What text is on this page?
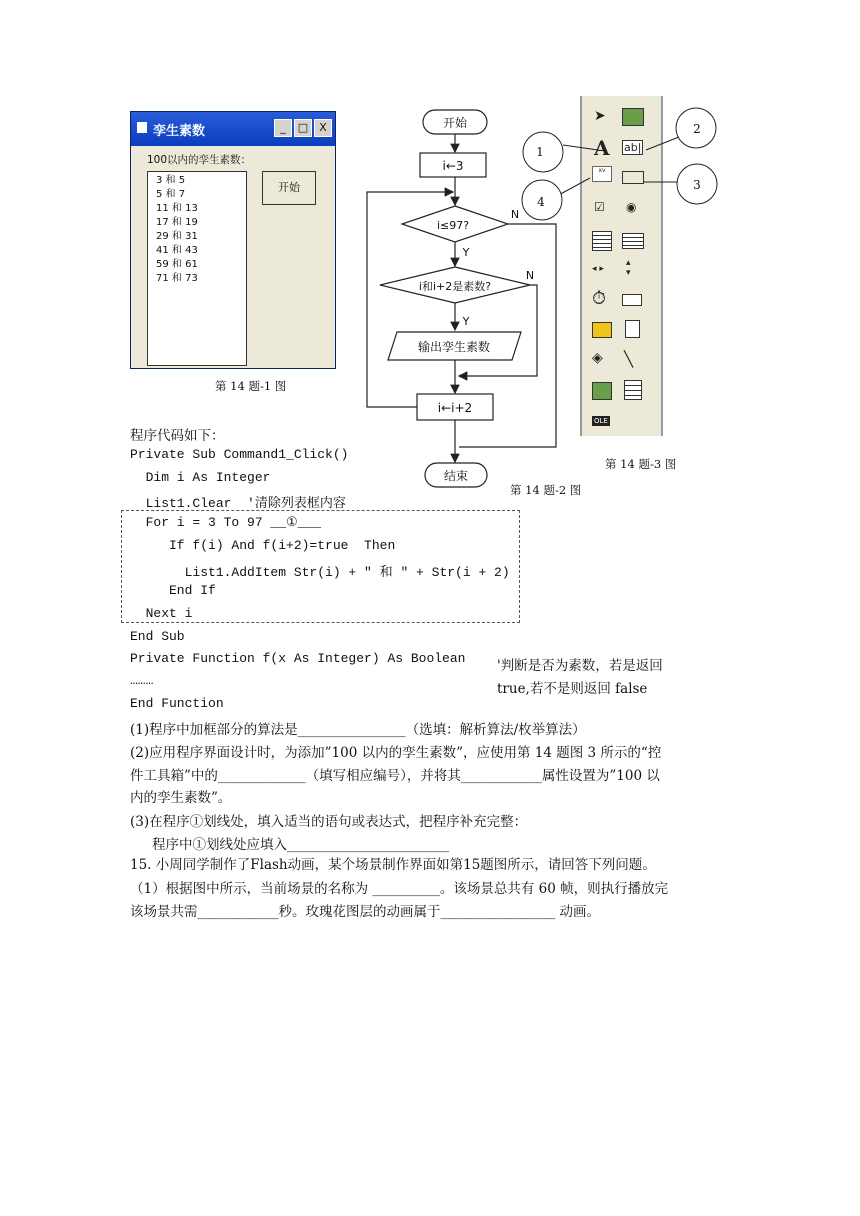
孪生素数	_	□	X
100以内的孪生素数：
3 和 5
5 和 7
11 和 13
17 和 19
29 和 31
41 和 43
59 和 61
71 和 73
开始
第 14 题-1 图
开始
i←3
i≤97?
i和i+2是素数?
输出孪生素数
i←i+2
结束
Y
Y
N
N
第 14 题-2 图
➤
A ab|
xv
☑ ◉
◂ ▸
▴
▾
⏱
◈ ╲
OLE
1
2
3
4
第 14 题-3 图
程序代码如下：
Private Sub Command1_Click()
Dim i As Integer
List1.Clear  '清除列表框内容
For i = 3 To 97 __①___
If f(i) And f(i+2)=true  Then
List1.AddItem Str(i) + " 和 " + Str(i + 2)
End If
Next i
End Sub
Private Function f(x As Integer) As Boolean
………
End Function
'判断是否为素数，若是返回
true,若不是则返回 false
(1)程序中加框部分的算法是________________（选填：解析算法/枚举算法）
(2)应用程序界面设计时，为添加”100 以内的孪生素数”，应使用第 14 题图 3 所示的“控
件工具箱”中的_____________（填写相应编号），并将其____________属性设置为”100 以
内的孪生素数”。
(3)在程序①划线处，填入适当的语句或表达式，把程序补充完整：
程序中①划线处应填入________________________
15. 小周同学制作了Flash动画，某个场景制作界面如第15题图所示，请回答下列问题。
（1）根据图中所示，当前场景的名称为 __________。该场景总共有 60 帧，则执行播放完
该场景共需____________秒。玫瑰花图层的动画属于_________________ 动画。
